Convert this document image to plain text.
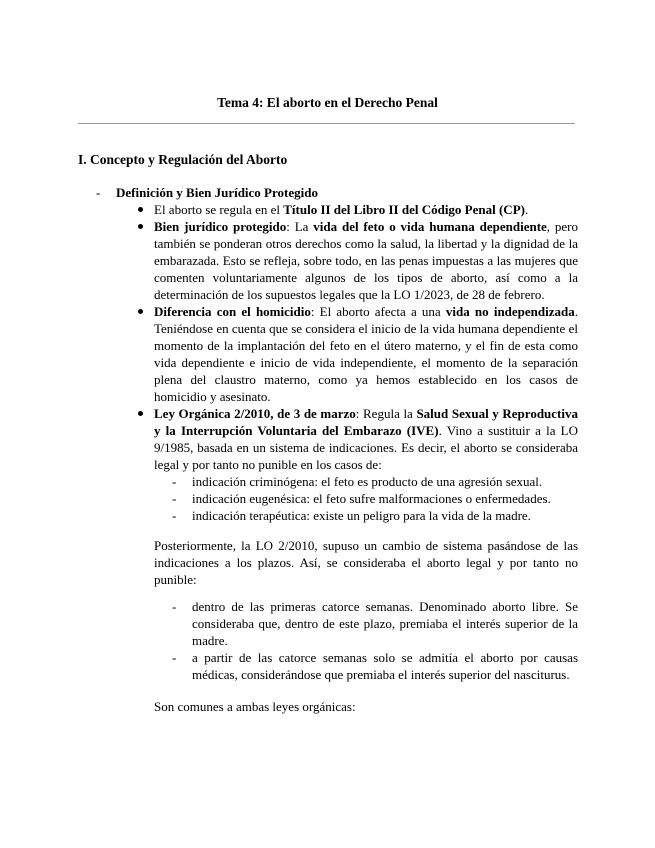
Tema 4: El aborto en el Derecho Penal
I. Concepto y Regulación del Aborto
- Definición y Bien Jurídico Protegido
El aborto se regula en el Título II del Libro II del Código Penal (CP).
Bien jurídico protegido: La vida del feto o vida humana dependiente, pero también se ponderan otros derechos como la salud, la libertad y la dignidad de la embarazada. Esto se refleja, sobre todo, en las penas impuestas a las mujeres que comenten voluntariamente algunos de los tipos de aborto, así como a la determinación de los supuestos legales que la LO 1/2023, de 28 de febrero.
Diferencia con el homicidio: El aborto afecta a una vida no independizada. Teniéndose en cuenta que se considera el inicio de la vida humana dependiente el momento de la implantación del feto en el útero materno, y el fin de esta como vida dependiente e inicio de vida independiente, el momento de la separación plena del claustro materno, como ya hemos establecido en los casos de homicidio y asesinato.
Ley Orgánica 2/2010, de 3 de marzo: Regula la Salud Sexual y Reproductiva y la Interrupción Voluntaria del Embarazo (IVE). Vino a sustituir a la LO 9/1985, basada en un sistema de indicaciones. Es decir, el aborto se consideraba legal y por tanto no punible en los casos de:
- indicación criminógena: el feto es producto de una agresión sexual.
- indicación eugenésica: el feto sufre malformaciones o enfermedades.
- indicación terapéutica: existe un peligro para la vida de la madre.

Posteriormente, la LO 2/2010, supuso un cambio de sistema pasándose de las indicaciones a los plazos. Así, se consideraba el aborto legal y por tanto no punible:

- dentro de las primeras catorce semanas. Denominado aborto libre. Se consideraba que, dentro de este plazo, premiaba el interés superior de la madre.
- a partir de las catorce semanas solo se admitía el aborto por causas médicas, considerándose que premiaba el interés superior del nasciturus.

Son comunes a ambas leyes orgánicas:
